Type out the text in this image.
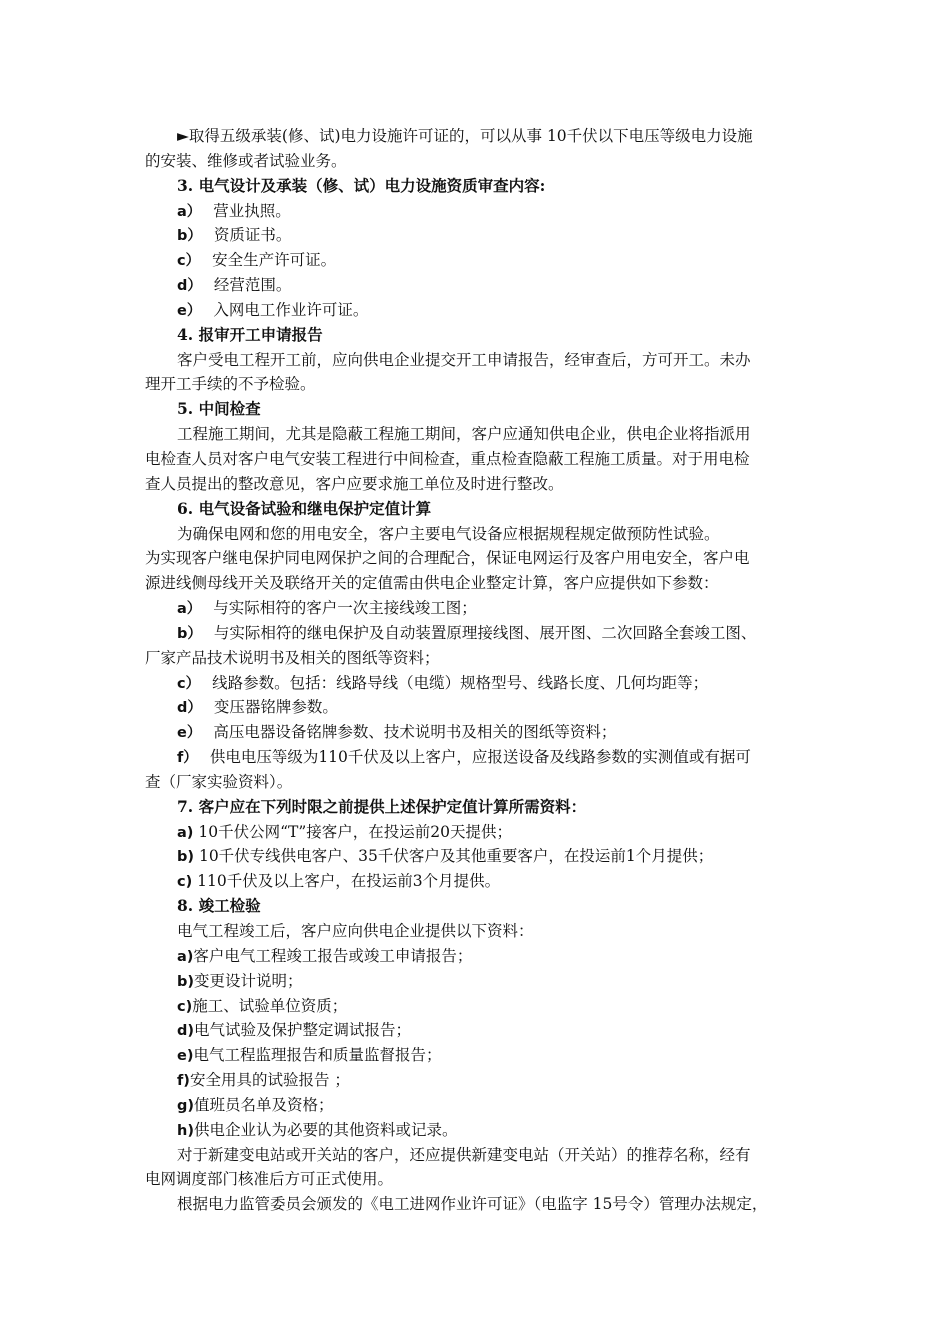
►取得五级承装(修、试)电力设施许可证的，可以从事 10千伏以下电压等级电力设施
的安装、维修或者试验业务。
3. 电气设计及承装（修、试）电力设施资质审查内容:
a） 营业执照。
b） 资质证书。
c） 安全生产许可证。
d） 经营范围。
e） 入网电工作业许可证。
4. 报审开工申请报告
客户受电工程开工前，应向供电企业提交开工申请报告，经审查后，方可开工。未办
理开工手续的不予检验。
5. 中间检查
工程施工期间，尤其是隐蔽工程施工期间，客户应通知供电企业，供电企业将指派用
电检查人员对客户电气安装工程进行中间检查，重点检查隐蔽工程施工质量。对于用电检
查人员提出的整改意见，客户应要求施工单位及时进行整改。
6. 电气设备试验和继电保护定值计算
为确保电网和您的用电安全，客户主要电气设备应根据规程规定做预防性试验。
为实现客户继电保护同电网保护之间的合理配合，保证电网运行及客户用电安全，客户电
源进线侧母线开关及联络开关的定值需由供电企业整定计算，客户应提供如下参数：
a） 与实际相符的客户一次主接线竣工图；
b） 与实际相符的继电保护及自动装置原理接线图、展开图、二次回路全套竣工图、
厂家产品技术说明书及相关的图纸等资料；
c） 线路参数。包括：线路导线（电缆）规格型号、线路长度、几何均距等；
d） 变压器铭牌参数。
e） 高压电器设备铭牌参数、技术说明书及相关的图纸等资料；
f） 供电电压等级为110千伏及以上客户，应报送设备及线路参数的实测值或有据可
查（厂家实验资料）。
7. 客户应在下列时限之前提供上述保护定值计算所需资料：
a) 10千伏公网“T”接客户，在投运前20天提供；
b) 10千伏专线供电客户、35千伏客户及其他重要客户，在投运前1个月提供；
c) 110千伏及以上客户，在投运前3个月提供。
8. 竣工检验
电气工程竣工后，客户应向供电企业提供以下资料：
a)客户电气工程竣工报告或竣工申请报告；
b)变更设计说明；
c)施工、试验单位资质；
d)电气试验及保护整定调试报告；
e)电气工程监理报告和质量监督报告；
f)安全用具的试验报告 ；
g)值班员名单及资格；
h)供电企业认为必要的其他资料或记录。
对于新建变电站或开关站的客户，还应提供新建变电站（开关站）的推荐名称，经有
电网调度部门核准后方可正式使用。
根据电力监管委员会颁发的《电工进网作业许可证》（电监字 15号令）管理办法规定，
